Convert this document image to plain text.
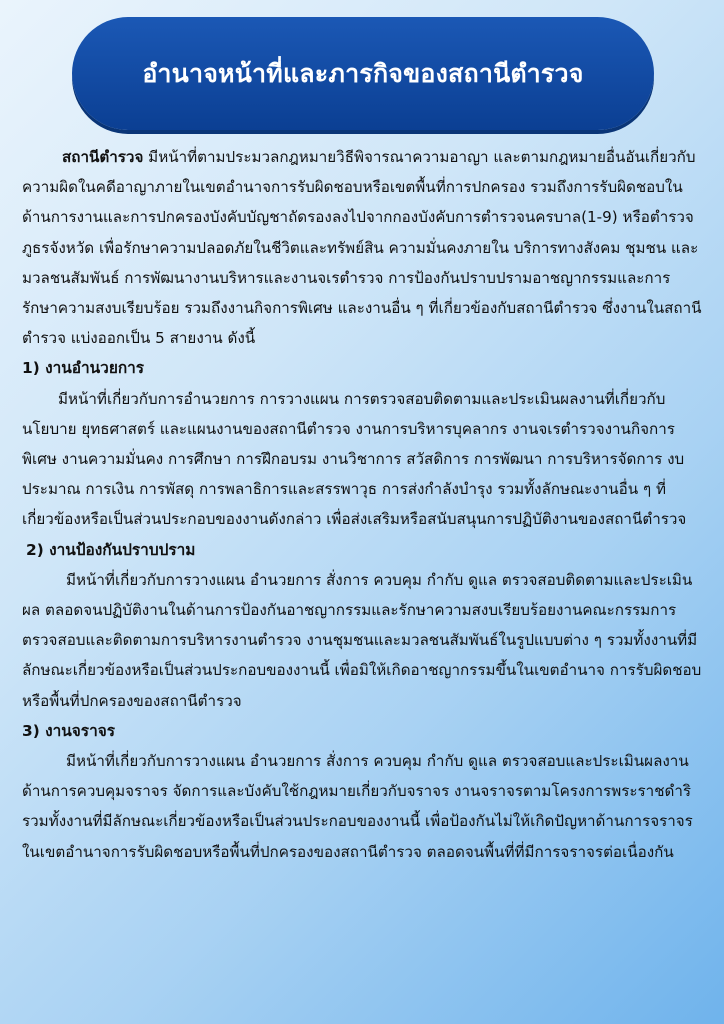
อำนาจหน้าที่และภารกิจของสถานีตำรวจ

สถานีตำรวจ มีหน้าที่ตามประมวลกฎหมายวิธีพิจารณาความอาญา และตามกฎหมายอื่นอันเกี่ยวกับความผิดในคดีอาญาภายในเขตอำนาจการรับผิดชอบหรือเขตพื้นที่การปกครอง รวมถึงการรับผิดชอบในด้านการงานและการปกครองบังคับบัญชาถัดรองลงไปจากกองบังคับการตำรวจนครบาล(1-9) หรือตำรวจภูธรจังหวัด เพื่อรักษาความปลอดภัยในชีวิตและทรัพย์สิน ความมั่นคงภายใน บริการทางสังคม ชุมชน และมวลชนสัมพันธ์ การพัฒนางานบริหารและงานจเรตำรวจ การป้องกันปราบปรามอาชญากรรมและการรักษาความสงบเรียบร้อย รวมถึงงานกิจการพิเศษ และงานอื่น ๆ ที่เกี่ยวข้องกับสถานีตำรวจ ซึ่งงานในสถานีตำรวจ แบ่งออกเป็น 5 สายงาน ดังนี้

1) งานอำนวยการ

มีหน้าที่เกี่ยวกับการอำนวยการ การวางแผน การตรวจสอบติดตามและประเมินผลงานที่เกี่ยวกับนโยบาย ยุทธศาสตร์ และแผนงานของสถานีตำรวจ งานการบริหารบุคลากร งานจเรตำรวจงานกิจการพิเศษ งานความมั่นคง การศึกษา การฝึกอบรม งานวิชาการ สวัสดิการ การพัฒนา การบริหารจัดการ งบประมาณ การเงิน การพัสดุ การพลาธิการและสรรพาวุธ การส่งกำลังบำรุง รวมทั้งลักษณะงานอื่น ๆ ที่เกี่ยวข้องหรือเป็นส่วนประกอบของงานดังกล่าว เพื่อส่งเสริมหรือสนับสนุนการปฏิบัติงานของสถานีตำรวจ

2) งานป้องกันปราบปราม

มีหน้าที่เกี่ยวกับการวางแผน อำนวยการ สั่งการ ควบคุม กำกับ ดูแล ตรวจสอบติดตามและประเมินผล ตลอดจนปฏิบัติงานในด้านการป้องกันอาชญากรรมและรักษาความสงบเรียบร้อยงานคณะกรรมการตรวจสอบและติดตามการบริหารงานตำรวจ งานชุมชนและมวลชนสัมพันธ์ในรูปแบบต่าง ๆ รวมทั้งงานที่มีลักษณะเกี่ยวข้องหรือเป็นส่วนประกอบของงานนี้ เพื่อมิให้เกิดอาชญากรรมขึ้นในเขตอำนาจ การรับผิดชอบหรือพื้นที่ปกครองของสถานีตำรวจ

3) งานจราจร

มีหน้าที่เกี่ยวกับการวางแผน อำนวยการ สั่งการ ควบคุม กำกับ ดูแล ตรวจสอบและประเมินผลงานด้านการควบคุมจราจร จัดการและบังคับใช้กฎหมายเกี่ยวกับจราจร งานจราจรตามโครงการพระราชดำริ รวมทั้งงานที่มีลักษณะเกี่ยวข้องหรือเป็นส่วนประกอบของงานนี้ เพื่อป้องกันไม่ให้เกิดปัญหาด้านการจราจร ในเขตอำนาจการรับผิดชอบหรือพื้นที่ปกครองของสถานีตำรวจ ตลอดจนพื้นที่ที่มีการจราจรต่อเนื่องกัน
